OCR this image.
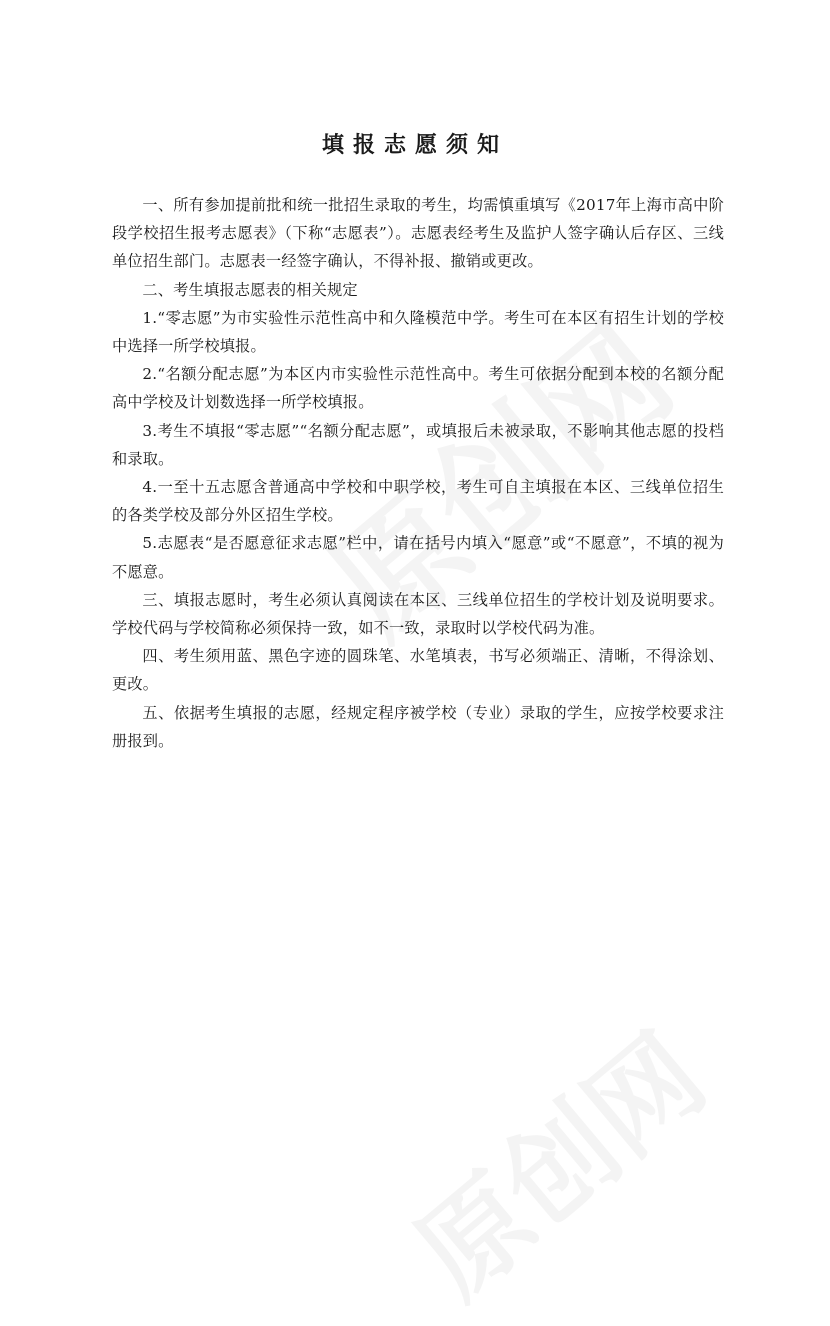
填报志愿须知

一、所有参加提前批和统一批招生录取的考生，均需慎重填写《2017年上海市高中阶段学校招生报考志愿表》（下称“志愿表”）。志愿表经考生及监护人签字确认后存区、三线单位招生部门。志愿表一经签字确认，不得补报、撤销或更改。

二、考生填报志愿表的相关规定

1.“零志愿”为市实验性示范性高中和久隆模范中学。考生可在本区有招生计划的学校中选择一所学校填报。

2.“名额分配志愿”为本区内市实验性示范性高中。考生可依据分配到本校的名额分配高中学校及计划数选择一所学校填报。

3.考生不填报“零志愿”“名额分配志愿”，或填报后未被录取，不影响其他志愿的投档和录取。

4.一至十五志愿含普通高中学校和中职学校，考生可自主填报在本区、三线单位招生的各类学校及部分外区招生学校。

5.志愿表“是否愿意征求志愿”栏中，请在括号内填入“愿意”或“不愿意”，不填的视为不愿意。

三、填报志愿时，考生必须认真阅读在本区、三线单位招生的学校计划及说明要求。学校代码与学校简称必须保持一致，如不一致，录取时以学校代码为准。

四、考生须用蓝、黑色字迹的圆珠笔、水笔填表，书写必须端正、清晰，不得涂划、更改。

五、依据考生填报的志愿，经规定程序被学校（专业）录取的学生，应按学校要求注册报到。
